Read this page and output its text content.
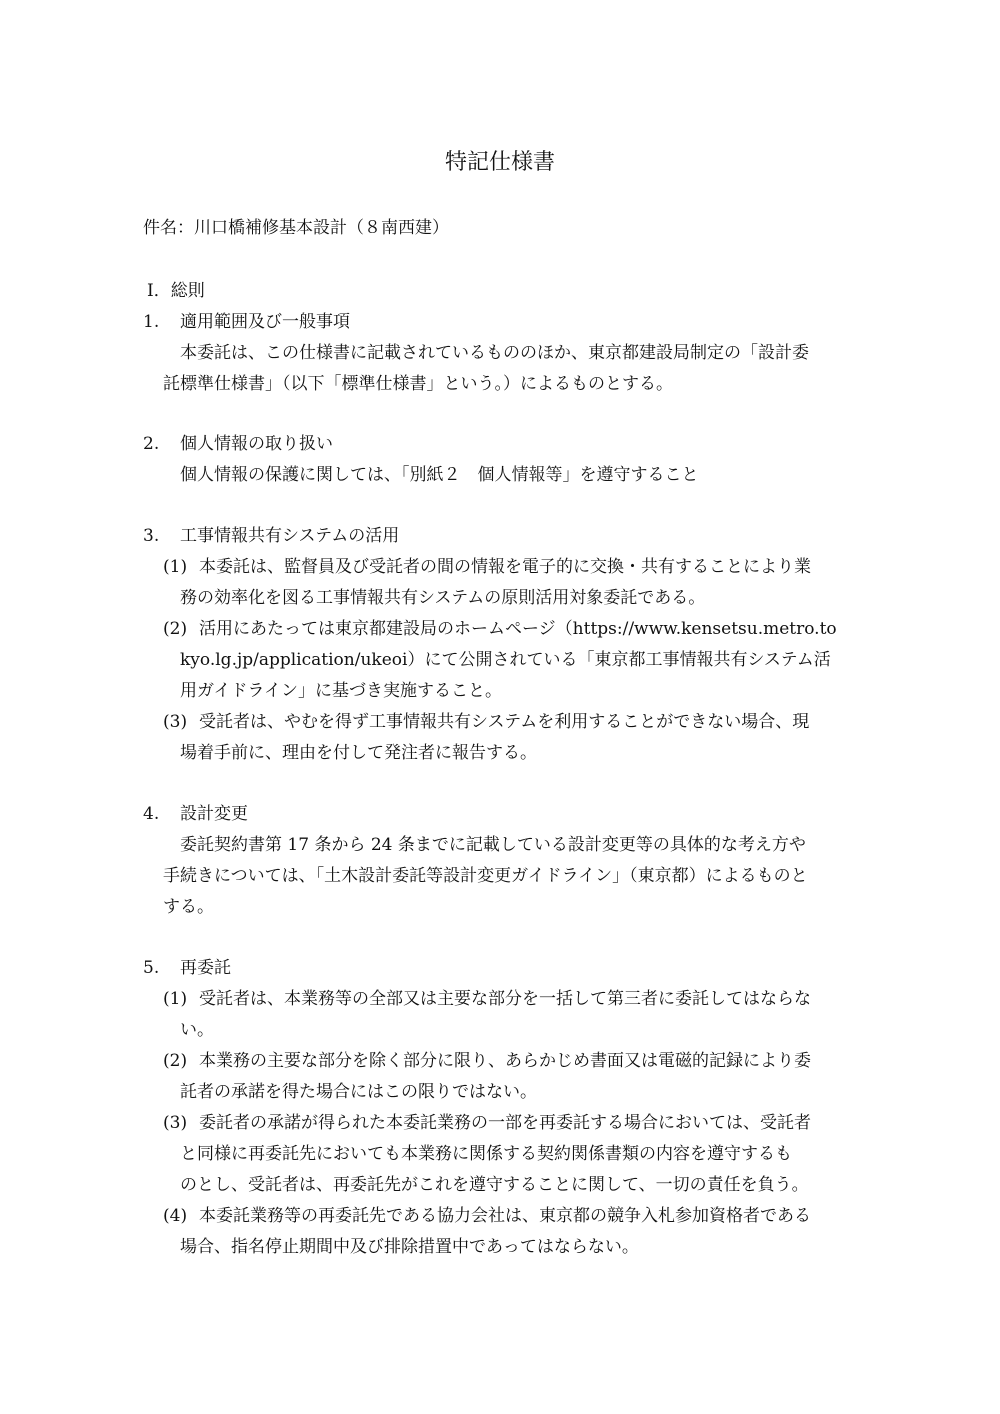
特記仕様書
件名：川口橋補修基本設計（８南西建）
Ⅰ．総則
1. 適用範囲及び一般事項
本委託は、この仕様書に記載されているもののほか、東京都建設局制定の「設計委
託標準仕様書」（以下「標準仕様書」という。）によるものとする。
2. 個人情報の取り扱い
個人情報の保護に関しては、「別紙２　個人情報等」を遵守すること
3. 工事情報共有システムの活用
(1) 本委託は、監督員及び受託者の間の情報を電子的に交換・共有することにより業
務の効率化を図る工事情報共有システムの原則活用対象委託である。
(2) 活用にあたっては東京都建設局のホームページ（https://www.kensetsu.metro.to
kyo.lg.jp/application/ukeoi）にて公開されている「東京都工事情報共有システム活
用ガイドライン」に基づき実施すること。
(3) 受託者は、やむを得ず工事情報共有システムを利用することができない場合、現
場着手前に、理由を付して発注者に報告する。
4. 設計変更
委託契約書第 17 条から 24 条までに記載している設計変更等の具体的な考え方や
手続きについては、「土木設計委託等設計変更ガイドライン」（東京都）によるものと
する。
5. 再委託
(1) 受託者は、本業務等の全部又は主要な部分を一括して第三者に委託してはならな
い。
(2) 本業務の主要な部分を除く部分に限り、あらかじめ書面又は電磁的記録により委
託者の承諾を得た場合にはこの限りではない。
(3) 委託者の承諾が得られた本委託業務の一部を再委託する場合においては、受託者
と同様に再委託先においても本業務に関係する契約関係書類の内容を遵守するも
のとし、受託者は、再委託先がこれを遵守することに関して、一切の責任を負う。
(4) 本委託業務等の再委託先である協力会社は、東京都の競争入札参加資格者である
場合、指名停止期間中及び排除措置中であってはならない。
